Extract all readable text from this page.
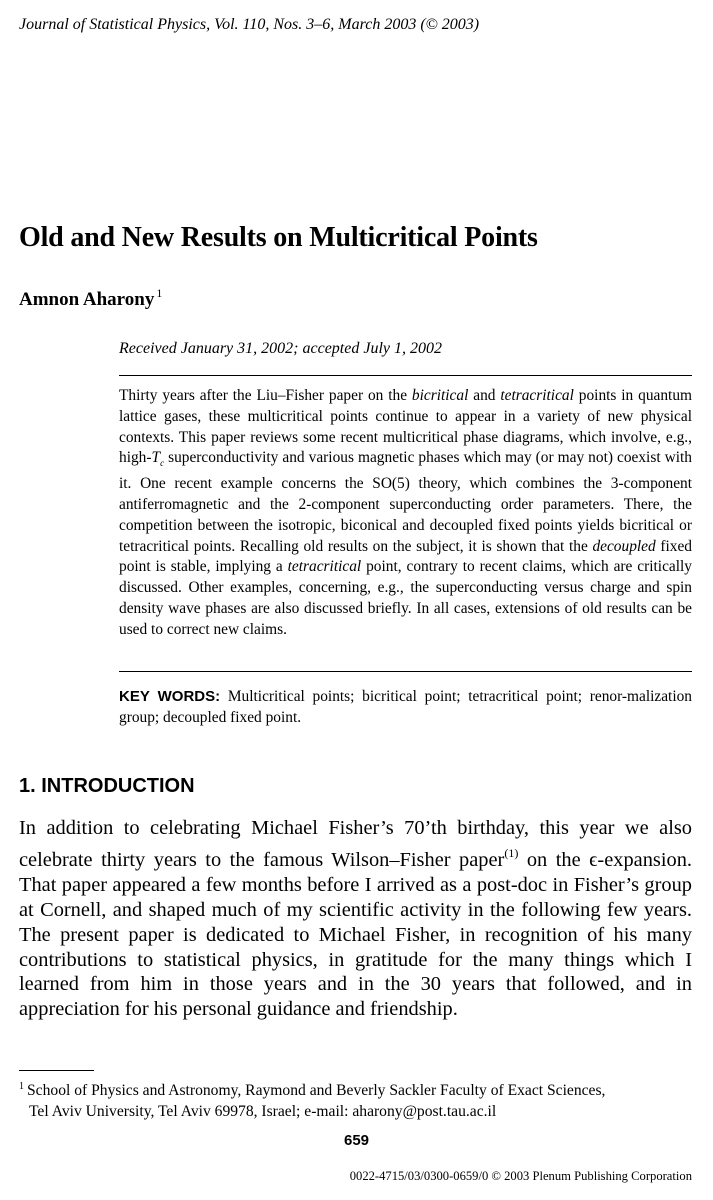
Journal of Statistical Physics, Vol. 110, Nos. 3–6, March 2003 (© 2003)
Old and New Results on Multicritical Points
Amnon Aharony $^1$
Received January 31, 2002; accepted July 1, 2002
Thirty years after the Liu–Fisher paper on the bicritical and tetracritical points in quantum lattice gases, these multicritical points continue to appear in a variety of new physical contexts. This paper reviews some recent multicritical phase diagrams, which involve, e.g., high-$T_c$ superconductivity and various magnetic phases which may (or may not) coexist with it. One recent example concerns the SO(5) theory, which combines the 3-component antiferromagnetic and the 2-component superconducting order parameters. There, the competition between the isotropic, biconical and decoupled fixed points yields bicritical or tetracritical points. Recalling old results on the subject, it is shown that the decoupled fixed point is stable, implying a tetracritical point, contrary to recent claims, which are critically discussed. Other examples, concerning, e.g., the superconducting versus charge and spin density wave phases are also discussed briefly. In all cases, extensions of old results can be used to correct new claims.
KEY WORDS: Multicritical points; bicritical point; tetracritical point; renor-malization group; decoupled fixed point.
1. INTRODUCTION
In addition to celebrating Michael Fisher’s 70’th birthday, this year we also celebrate thirty years to the famous Wilson–Fisher paper$^{(1)}$ on the ϵ-expansion. That paper appeared a few months before I arrived as a post-doc in Fisher’s group at Cornell, and shaped much of my scientific activity in the following few years. The present paper is dedicated to Michael Fisher, in recognition of his many contributions to statistical physics, in gratitude for the many things which I learned from him in those years and in the 30 years that followed, and in appreciation for his personal guidance and friendship.
$^1$ School of Physics and Astronomy, Raymond and Beverly Sackler Faculty of Exact Sciences,
Tel Aviv University, Tel Aviv 69978, Israel; e-mail: aharony@post.tau.ac.il
659
0022-4715/03/0300-0659/0 © 2003 Plenum Publishing Corporation
